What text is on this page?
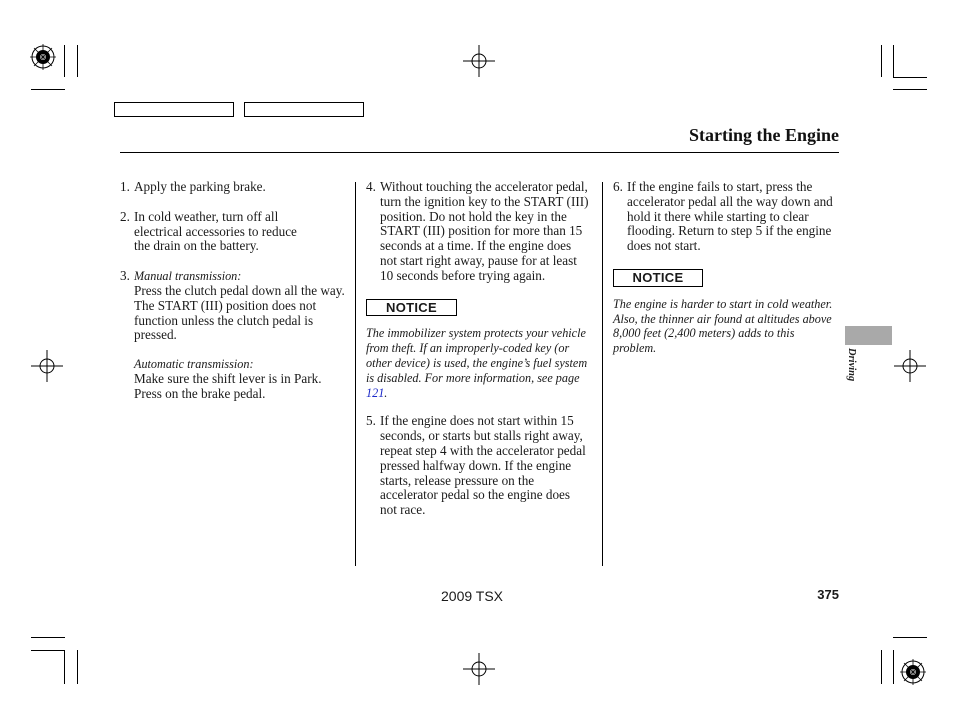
Starting the Engine
1. Apply the parking brake.
2. In cold weather, turn off all
electrical accessories to reduce
the drain on the battery.
3. Manual transmission:
Press the clutch pedal down all the way. The START (III) position does not function unless the clutch pedal is pressed.
Automatic transmission:
Make sure the shift lever is in Park. Press on the brake pedal.
4. Without touching the accelerator pedal, turn the ignition key to the START (III) position. Do not hold the key in the START (III) position for more than 15 seconds at a time. If the engine does not start right away, pause for at least 10 seconds before trying again.
NOTICE
The immobilizer system protects your vehicle from theft. If an improperly-coded key (or other device) is used, the engine’s fuel system is disabled. For more information, see page 121.
5. If the engine does not start within 15 seconds, or starts but stalls right away, repeat step 4 with the accelerator pedal pressed halfway down. If the engine starts, release pressure on the accelerator pedal so the engine does not race.
6. If the engine fails to start, press the accelerator pedal all the way down and hold it there while starting to clear flooding. Return to step 5 if the engine does not start.
NOTICE
The engine is harder to start in cold weather. Also, the thinner air found at altitudes above 8,000 feet (2,400 meters) adds to this problem.	Driving
2009 TSX	375
